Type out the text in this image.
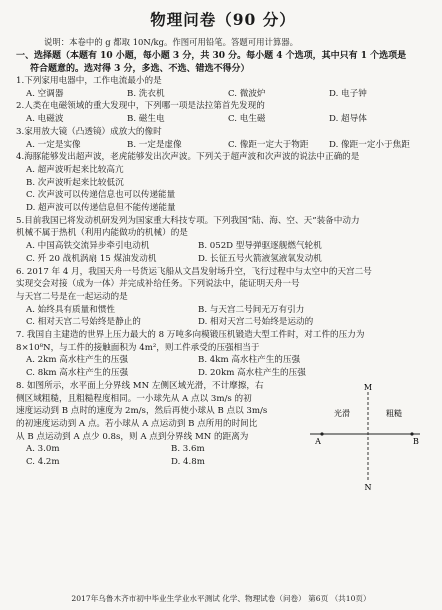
物理问卷（90 分）
说明：本卷中的 g 都取 10N/kg。作图可用铅笔。答题可用计算器。
一、选择题（本题有 10 小题，每小题 3 分，共 30 分。每小题 4 个选项，其中只有 1 个选项是
符合题意的。选对得 3 分，多选、不选、错选不得分）
1.下列家用电器中，工作电流最小的是
A. 空调器	B. 洗衣机	C. 微波炉	D. 电子钟
2.人类在电磁领域的重大发现中，下列哪一项是法拉第首先发现的
A. 电磁波	B. 磁生电	C. 电生磁	D. 超导体
3.家用放大镜（凸透镜）成放大的像时
A. 一定是实像	B. 一定是虚像	C. 像距一定大于物距	D. 像距一定小于焦距
4.海豚能够发出超声波，老虎能够发出次声波。下列关于超声波和次声波的说法中正确的是
A. 超声波听起来比较高亢
B. 次声波听起来比较低沉
C. 次声波可以传递信息也可以传递能量
D. 超声波可以传递信息但不能传递能量
5.目前我国已将发动机研发列为国家重大科技专项。下列我国“陆、海、空、天”装备中动力
机械不属于热机（利用内能做功的机械）的是
A. 中国高铁交流异步牵引电动机	B. 052D 型导弹驱逐舰燃气轮机
C. 歼 20 战机涡扇 15 煤油发动机	D. 长征五号火箭液氢液氧发动机
6. 2017 年 4 月，我国天舟一号货运飞船从文昌发射场升空，飞行过程中与太空中的天宫二号
实现交会对接（成为一体）并完成补给任务。下列说法中，能证明天舟一号
与天宫二号是在一起运动的是
A. 始终具有质量和惯性	B. 与天宫二号间无万有引力
C. 相对天宫二号始终是静止的	D. 相对天宫二号始终是运动的
7. 我国自主建造的世界上压力最大的 8 万吨多向模锻压机锻造大型工件时，对工件的压力为
8×10⁸N，与工件的接触面积为 4m²，则工件承受的压强相当于
A. 2km 高水柱产生的压强	B. 4km 高水柱产生的压强
C. 8km 高水柱产生的压强	D. 20km 高水柱产生的压强
8. 如图所示，水平面上分界线 MN 左侧区域光滑，不计摩擦，右
侧区域粗糙，且粗糙程度相同。一小球先从 A 点以 3m/s 的初
速度运动到 B 点时的速度为 2m/s，然后再使小球从 B 点以 3m/s
的初速度运动到 A 点。若小球从 A 点运动到 B 点所用的时间比
从 B 点运动到 A 点少 0.8s，则 A 点到分界线 MN 的距离为
A. 3.0m	B. 3.6m
C. 4.2m	D. 4.8m
M
N
A	B
光滑	粗糙
2017年乌鲁木齐市初中毕业生学业水平测试 化学、物理试卷（问卷） 第6页 （共10页）
